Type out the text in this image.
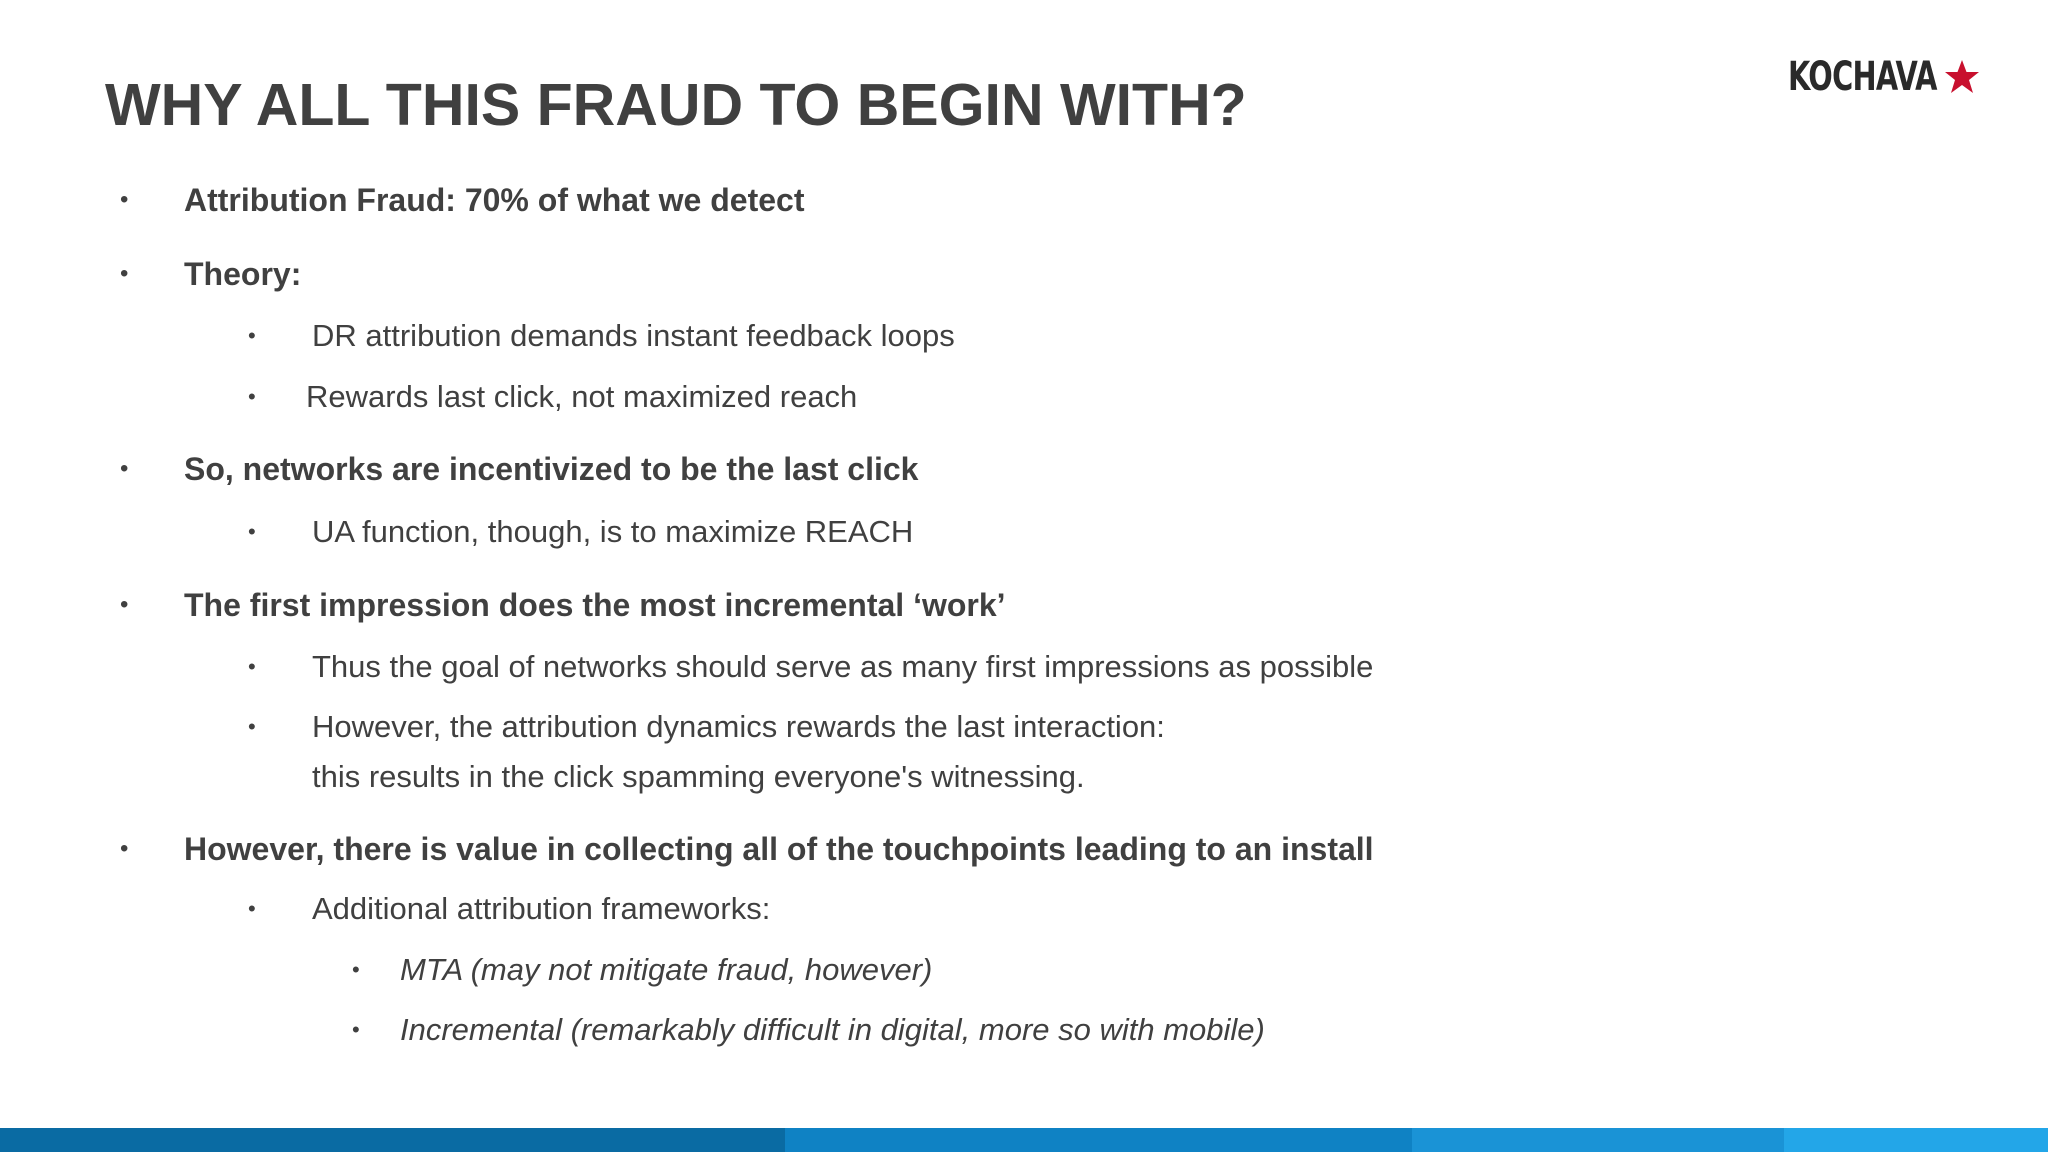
WHY ALL THIS FRAUD TO BEGIN WITH?	KOCHAVA
• Attribution Fraud: 70% of what we detect
• Theory:
• DR attribution demands instant feedback loops
• Rewards last click, not maximized reach
• So, networks are incentivized to be the last click
• UA function, though, is to maximize REACH
• The first impression does the most incremental ‘work’
• Thus the goal of networks should serve as many first impressions as possible
• However, the attribution dynamics rewards the last interaction:
this results in the click spamming everyone's witnessing.
• However, there is value in collecting all of the touchpoints leading to an install
• Additional attribution frameworks:
• MTA (may not mitigate fraud, however)
• Incremental (remarkably difficult in digital, more so with mobile)
